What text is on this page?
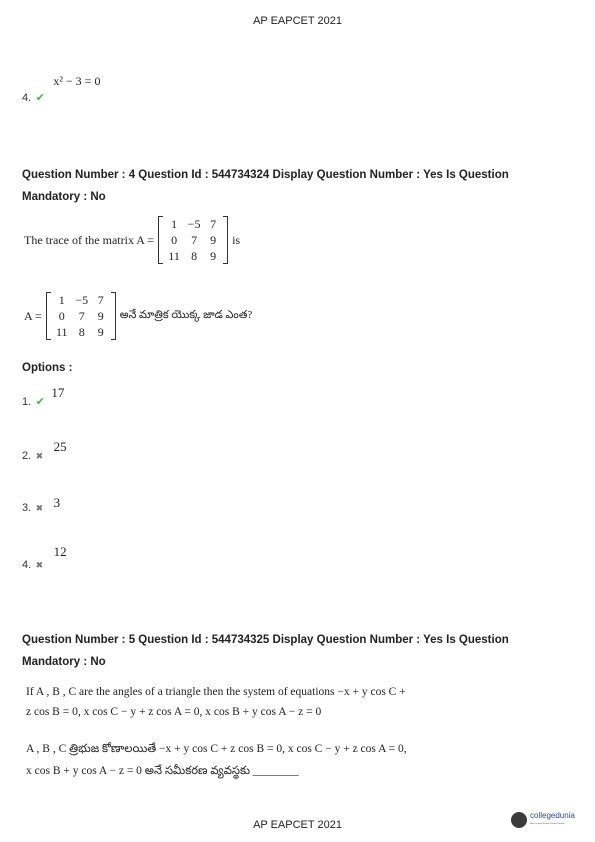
AP EAPCET 2021
$_{4.}$ $_✔$ x² − 3 = 0
Question Number : 4 Question Id : 544734324 Display Question Number : Yes Is Question
Mandatory : No
The trace of the matrix A =
1 −5 7
0	7	9
11 8	9
is
A =
1 −5 7
0	7	9
11 8	9
అనే మాత్రిక యొక్క జాడ ఎంత?
Options :
$_{1.}$ $_✔$ 17
$_{2.}$ $_✖$ 25
$_{3.}$ $_✖$ 3
$_{4.}$ $_✖$ 12
Question Number : 5 Question Id : 544734325 Display Question Number : Yes Is Question
Mandatory : No
If A , B , C are the angles of a triangle then the system of equations −x + y cos C +
z cos B = 0, x cos C − y + z cos A = 0, x cos B + y cos A − z = 0
A , B , C త్రిభుజ కోణాలయితే −x + y cos C + z cos B = 0, x cos C − y + z cos A = 0,
x cos B + y cos A − z = 0 అనే సమీకరణ వ్యవస్థకు ________
AP EAPCET 2021
collegedunia
India's largest Student Review Platform
